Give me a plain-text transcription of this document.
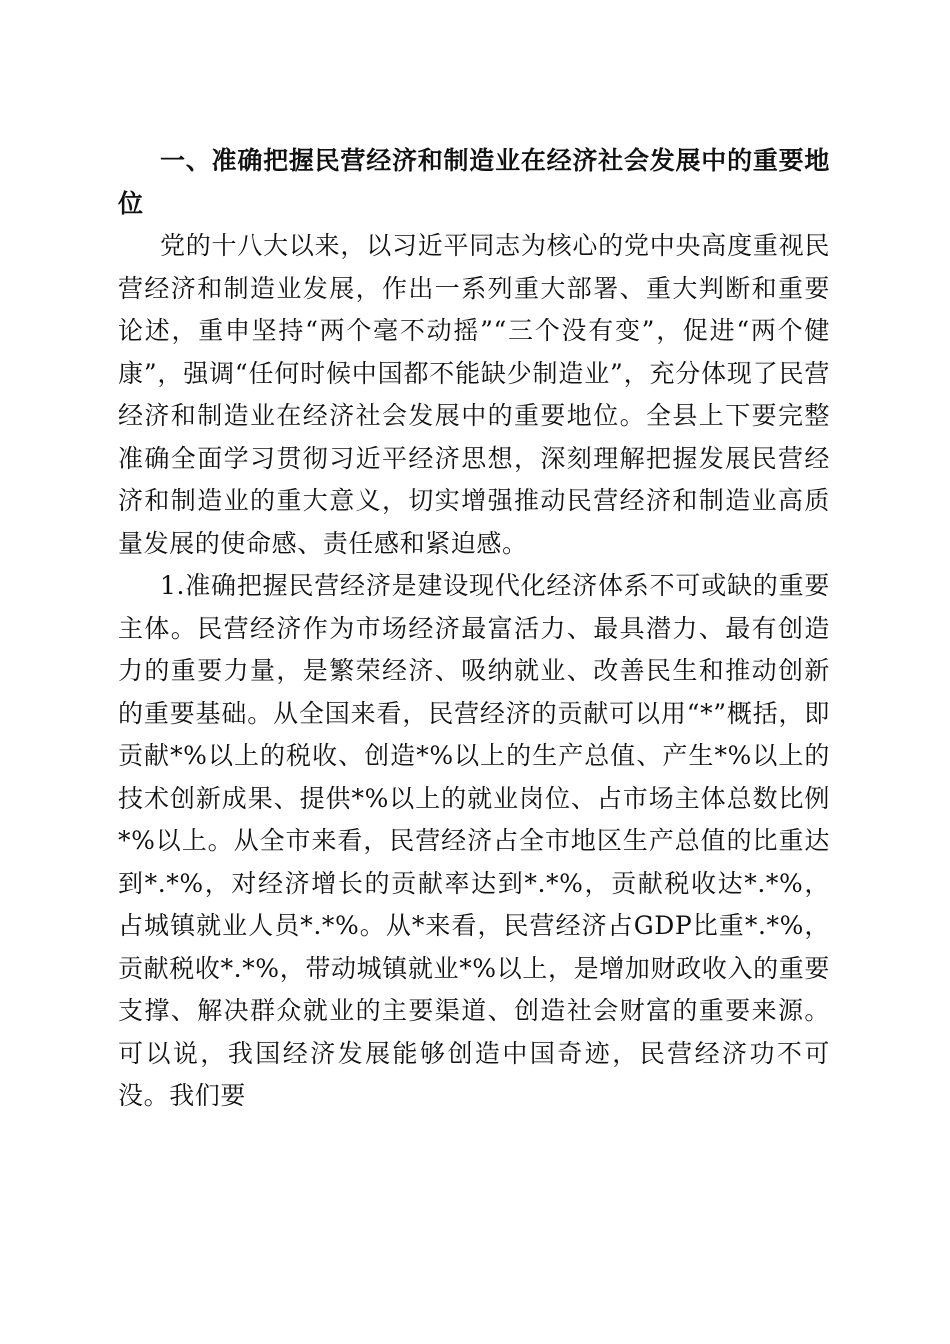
一、准确把握民营经济和制造业在经济社会发展中的重要地位

党的十八大以来，以习近平同志为核心的党中央高度重视民营经济和制造业发展，作出一系列重大部署、重大判断和重要论述，重申坚持“两个毫不动摇”“三个没有变”，促进“两个健康”，强调“任何时候中国都不能缺少制造业”，充分体现了民营经济和制造业在经济社会发展中的重要地位。全县上下要完整准确全面学习贯彻习近平经济思想，深刻理解把握发展民营经济和制造业的重大意义，切实增强推动民营经济和制造业高质量发展的使命感、责任感和紧迫感。

1.准确把握民营经济是建设现代化经济体系不可或缺的重要主体。民营经济作为市场经济最富活力、最具潜力、最有创造力的重要力量，是繁荣经济、吸纳就业、改善民生和推动创新的重要基础。从全国来看，民营经济的贡献可以用“*”概括，即贡献*%以上的税收、创造*%以上的生产总值、产生*%以上的技术创新成果、提供*%以上的就业岗位、占市场主体总数比例*%以上。从全市来看，民营经济占全市地区生产总值的比重达到*.*%，对经济增长的贡献率达到*.*%，贡献税收达*.*%，占城镇就业人员*.*%。从*来看，民营经济占GDP比重*.*%，贡献税收*.*%，带动城镇就业*%以上，是增加财政收入的重要支撑、解决群众就业的主要渠道、创造社会财富的重要来源。可以说，我国经济发展能够创造中国奇迹，民营经济功不可没。我们要
